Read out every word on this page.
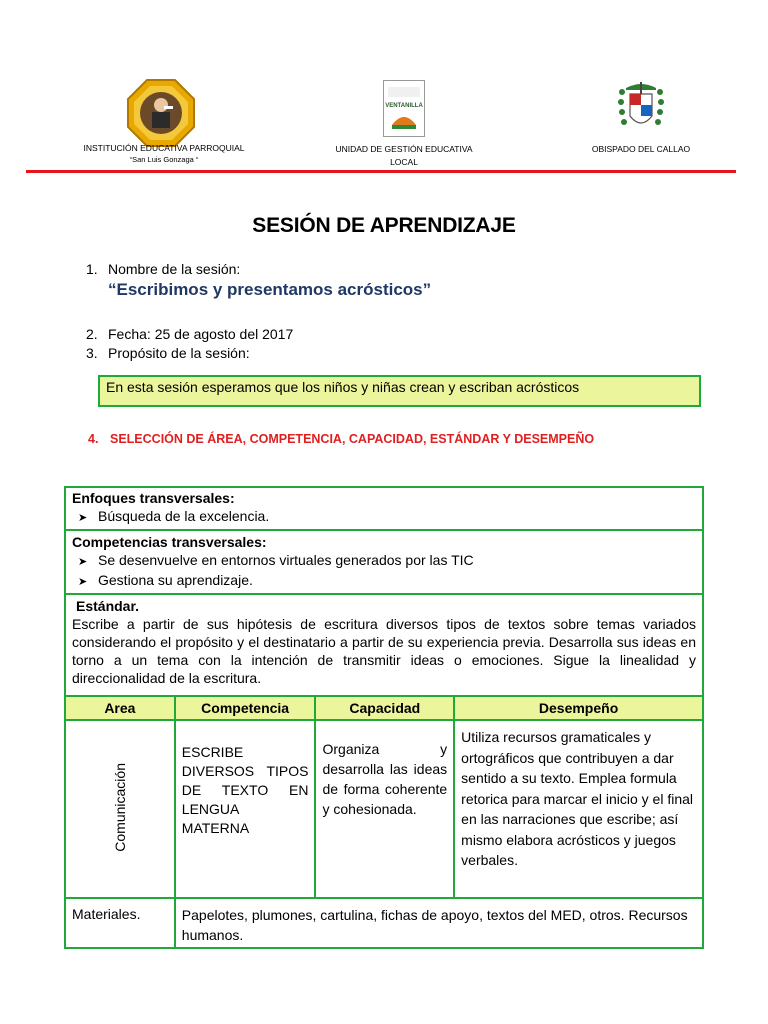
INSTITUCIÓN EDUCATIVA PARROQUIAL
“San Luis Gonzaga “
VENTANILLA
UNIDAD DE GESTIÓN EDUCATIVA
LOCAL
OBISPADO DEL CALLAO
SESIÓN DE APRENDIZAJE
1. Nombre de la sesión:
“Escribimos y presentamos acrósticos”
2. Fecha: 25 de agosto del 2017
3. Propósito de la sesión:
En esta sesión esperamos que los niños y niñas crean y escriban acrósticos
4. SELECCIÓN DE ÁREA, COMPETENCIA, CAPACIDAD, ESTÁNDAR Y DESEMPEÑO
Enfoques transversales:
➤ Búsqueda de la excelencia.			

Competencias transversales:
➤ Se desenvuelve en entornos virtuales generados por las TIC
➤ Gestiona su aprendizaje.			

Estándar.
Escribe a partir de sus hipótesis de escritura diversos tipos de textos sobre temas variados considerando el propósito y el destinatario a partir de su experiencia previa. Desarrolla sus ideas en torno a un tema con la intención de transmitir ideas o emociones. Sigue la linealidad y direccionalidad de la escritura.			

Area	Competencia	Capacidad	Desempeño
Comunicación	ESCRIBE DIVERSOS TIPOS DE TEXTO EN LENGUA MATERNA	Organiza y desarrolla las ideas de forma coherente y cohesionada.	Utiliza recursos gramaticales y ortográficos que contribuyen a dar sentido a su texto. Emplea formula retorica para marcar el inicio y el final en las narraciones que escribe; así mismo elabora acrósticos y juegos verbales.

Materiales.	Papelotes, plumones, cartulina, fichas de apoyo, textos del MED, otros. Recursos humanos.		
